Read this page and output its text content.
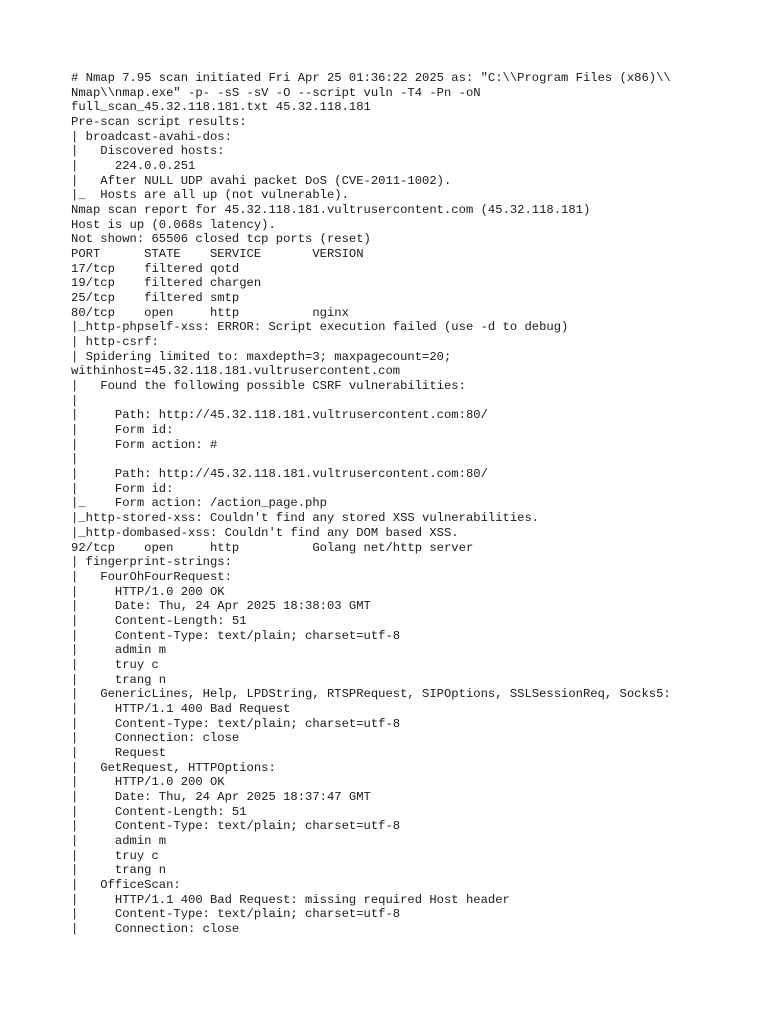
# Nmap 7.95 scan initiated Fri Apr 25 01:36:22 2025 as: "C:\\Program Files (x86)\\
Nmap\\nmap.exe" -p- -sS -sV -O --script vuln -T4 -Pn -oN
full_scan_45.32.118.181.txt 45.32.118.181
Pre-scan script results:
| broadcast-avahi-dos:
|   Discovered hosts:
|     224.0.0.251
|   After NULL UDP avahi packet DoS (CVE-2011-1002).
|_  Hosts are all up (not vulnerable).
Nmap scan report for 45.32.118.181.vultrusercontent.com (45.32.118.181)
Host is up (0.068s latency).
Not shown: 65506 closed tcp ports (reset)
PORT      STATE    SERVICE       VERSION
17/tcp    filtered qotd
19/tcp    filtered chargen
25/tcp    filtered smtp
80/tcp    open     http          nginx
|_http-phpself-xss: ERROR: Script execution failed (use -d to debug)
| http-csrf:
| Spidering limited to: maxdepth=3; maxpagecount=20;
withinhost=45.32.118.181.vultrusercontent.com
|   Found the following possible CSRF vulnerabilities:
|
|     Path: http://45.32.118.181.vultrusercontent.com:80/
|     Form id:
|     Form action: #
|
|     Path: http://45.32.118.181.vultrusercontent.com:80/
|     Form id:
|_    Form action: /action_page.php
|_http-stored-xss: Couldn't find any stored XSS vulnerabilities.
|_http-dombased-xss: Couldn't find any DOM based XSS.
92/tcp    open     http          Golang net/http server
| fingerprint-strings:
|   FourOhFourRequest:
|     HTTP/1.0 200 OK
|     Date: Thu, 24 Apr 2025 18:38:03 GMT
|     Content-Length: 51
|     Content-Type: text/plain; charset=utf-8
|     admin m
|     truy c
|     trang n
|   GenericLines, Help, LPDString, RTSPRequest, SIPOptions, SSLSessionReq, Socks5:
|     HTTP/1.1 400 Bad Request
|     Content-Type: text/plain; charset=utf-8
|     Connection: close
|     Request
|   GetRequest, HTTPOptions:
|     HTTP/1.0 200 OK
|     Date: Thu, 24 Apr 2025 18:37:47 GMT
|     Content-Length: 51
|     Content-Type: text/plain; charset=utf-8
|     admin m
|     truy c
|     trang n
|   OfficeScan:
|     HTTP/1.1 400 Bad Request: missing required Host header
|     Content-Type: text/plain; charset=utf-8
|     Connection: close
